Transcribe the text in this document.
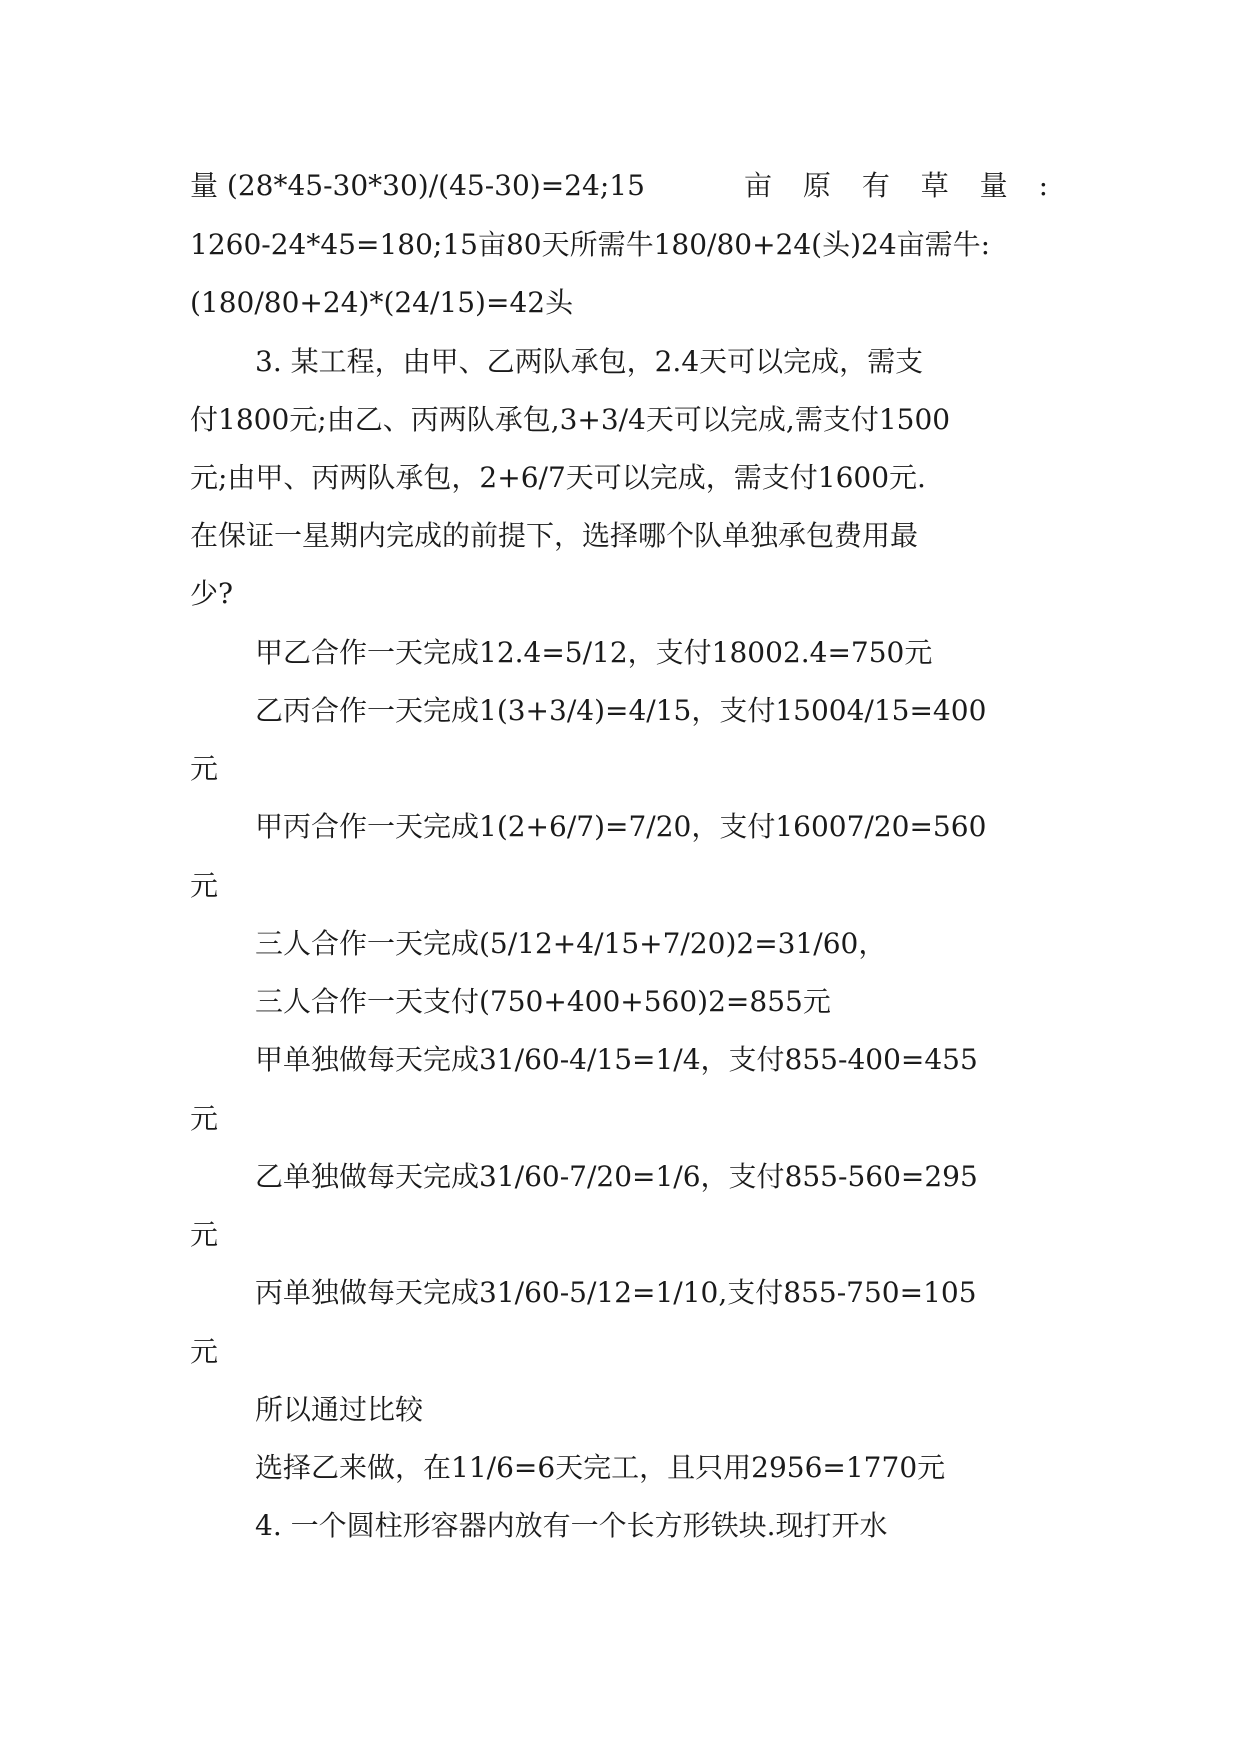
量 (28*45-30*30)/(45-30)=24;15	亩 原 有 草 量 :
1260-24*45=180;15亩80天所需牛180/80+24(头)24亩需牛:
(180/80+24)*(24/15)=42头
3. 某工程，由甲、乙两队承包，2.4天可以完成，需支
付1800元;由乙、丙两队承包,3+3/4天可以完成,需支付1500
元;由甲、丙两队承包，2+6/7天可以完成，需支付1600元.
在保证一星期内完成的前提下，选择哪个队单独承包费用最
少?
甲乙合作一天完成12.4=5/12，支付18002.4=750元
乙丙合作一天完成1(3+3/4)=4/15，支付15004/15=400
元
甲丙合作一天完成1(2+6/7)=7/20，支付16007/20=560
元
三人合作一天完成(5/12+4/15+7/20)2=31/60，
三人合作一天支付(750+400+560)2=855元
甲单独做每天完成31/60-4/15=1/4，支付855-400=455
元
乙单独做每天完成31/60-7/20=1/6，支付855-560=295
元
丙单独做每天完成31/60-5/12=1/10,支付855-750=105
元
所以通过比较
选择乙来做，在11/6=6天完工，且只用2956=1770元
4. 一个圆柱形容器内放有一个长方形铁块.现打开水
